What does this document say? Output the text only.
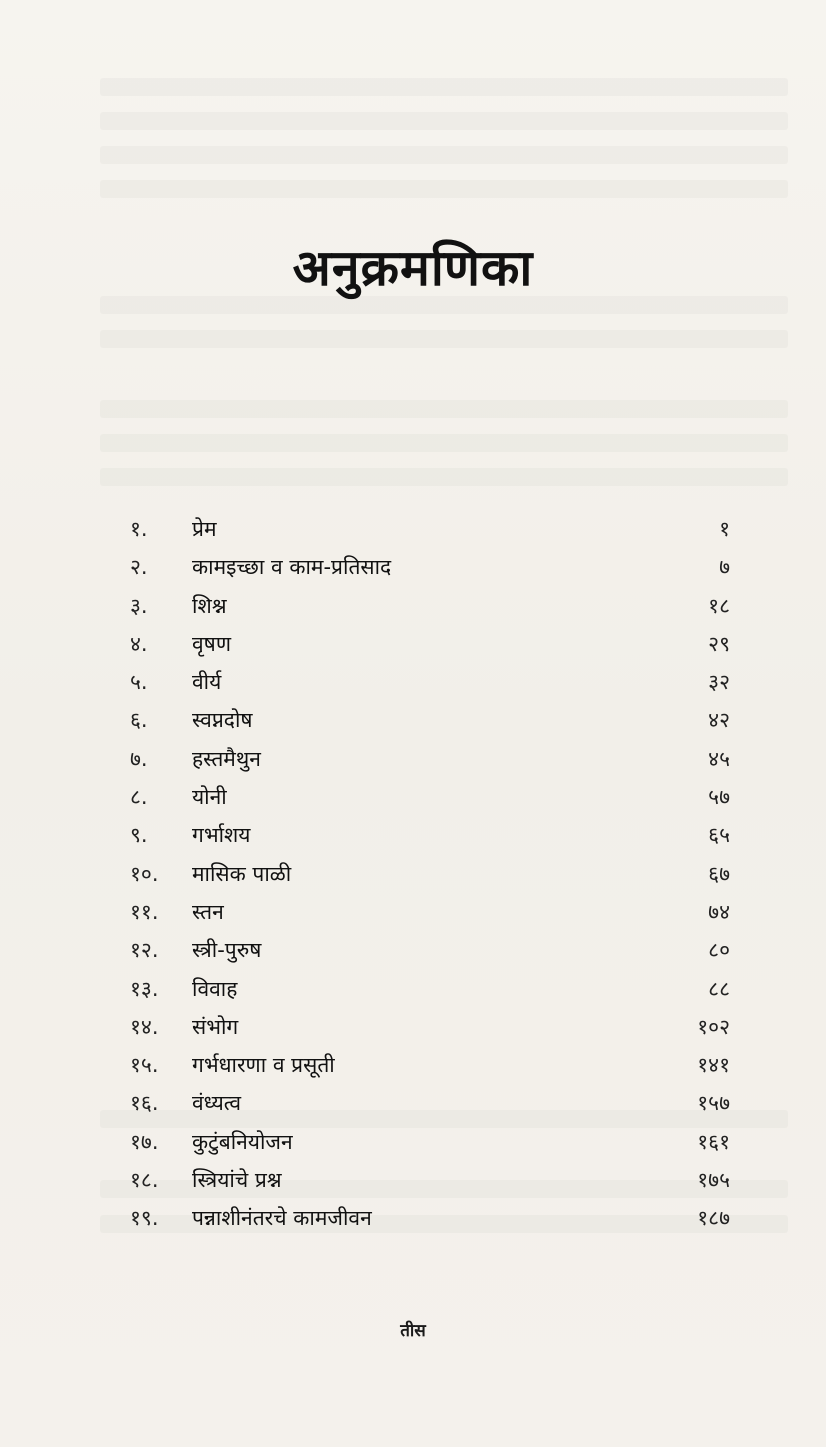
अनुक्रमणिका
१.	प्रेम	१
२.	कामइच्छा व काम-प्रतिसाद	७
३.	शिश्न	१८
४.	वृषण	२९
५.	वीर्य	३२
६.	स्वप्नदोष	४२
७.	हस्तमैथुन	४५
८.	योनी	५७
९.	गर्भाशय	६५
१०.	मासिक पाळी	६७
११.	स्तन	७४
१२.	स्त्री-पुरुष	८०
१३.	विवाह	८८
१४.	संभोग	१०२
१५.	गर्भधारणा व प्रसूती	१४१
१६.	वंध्यत्व	१५७
१७.	कुटुंबनियोजन	१६१
१८.	स्त्रियांचे प्रश्न	१७५
१९.	पन्नाशीनंतरचे कामजीवन	१८७
तीस
